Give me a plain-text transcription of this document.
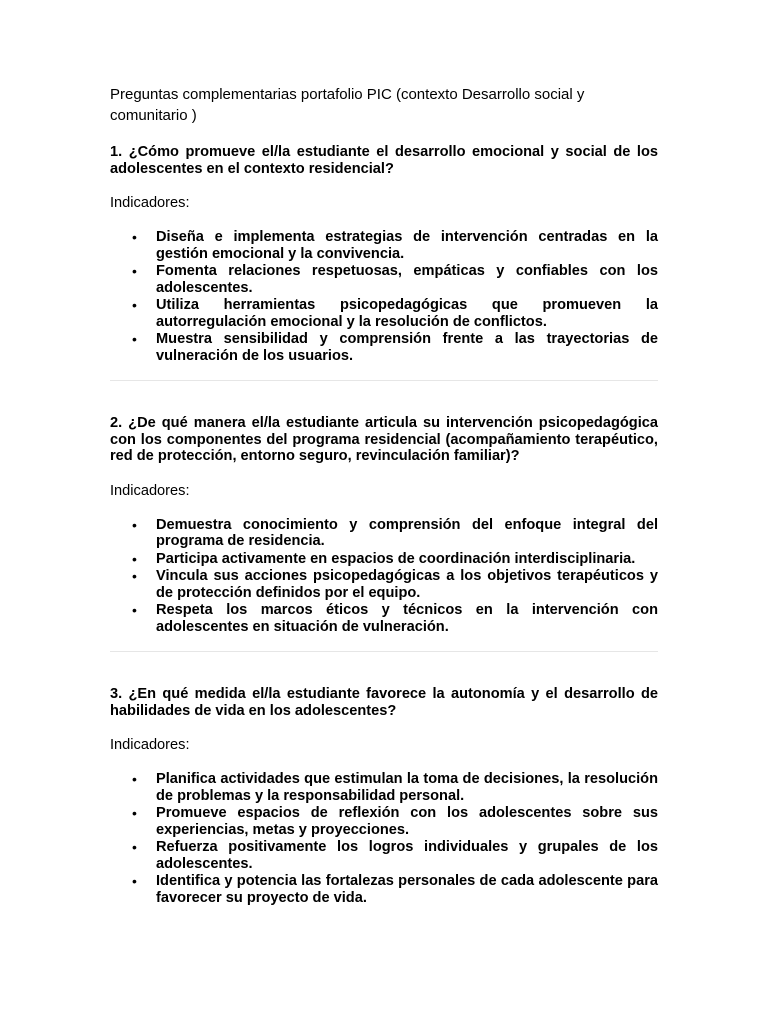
Preguntas complementarias portafolio PIC (contexto Desarrollo social y comunitario )
1. ¿Cómo promueve el/la estudiante el desarrollo emocional y social de los adolescentes en el contexto residencial?
Indicadores:
• Diseña e implementa estrategias de intervención centradas en la gestión emocional y la convivencia.
• Fomenta relaciones respetuosas, empáticas y confiables con los adolescentes.
• Utiliza herramientas psicopedagógicas que promueven la autorregulación emocional y la resolución de conflictos.
• Muestra sensibilidad y comprensión frente a las trayectorias de vulneración de los usuarios.
2. ¿De qué manera el/la estudiante articula su intervención psicopedagógica con los componentes del programa residencial (acompañamiento terapéutico, red de protección, entorno seguro, revinculación familiar)?
Indicadores:
• Demuestra conocimiento y comprensión del enfoque integral del programa de residencia.
• Participa activamente en espacios de coordinación interdisciplinaria.
• Vincula sus acciones psicopedagógicas a los objetivos terapéuticos y de protección definidos por el equipo.
• Respeta los marcos éticos y técnicos en la intervención con adolescentes en situación de vulneración.
3. ¿En qué medida el/la estudiante favorece la autonomía y el desarrollo de habilidades de vida en los adolescentes?
Indicadores:
• Planifica actividades que estimulan la toma de decisiones, la resolución de problemas y la responsabilidad personal.
• Promueve espacios de reflexión con los adolescentes sobre sus experiencias, metas y proyecciones.
• Refuerza positivamente los logros individuales y grupales de los adolescentes.
• Identifica y potencia las fortalezas personales de cada adolescente para favorecer su proyecto de vida.
